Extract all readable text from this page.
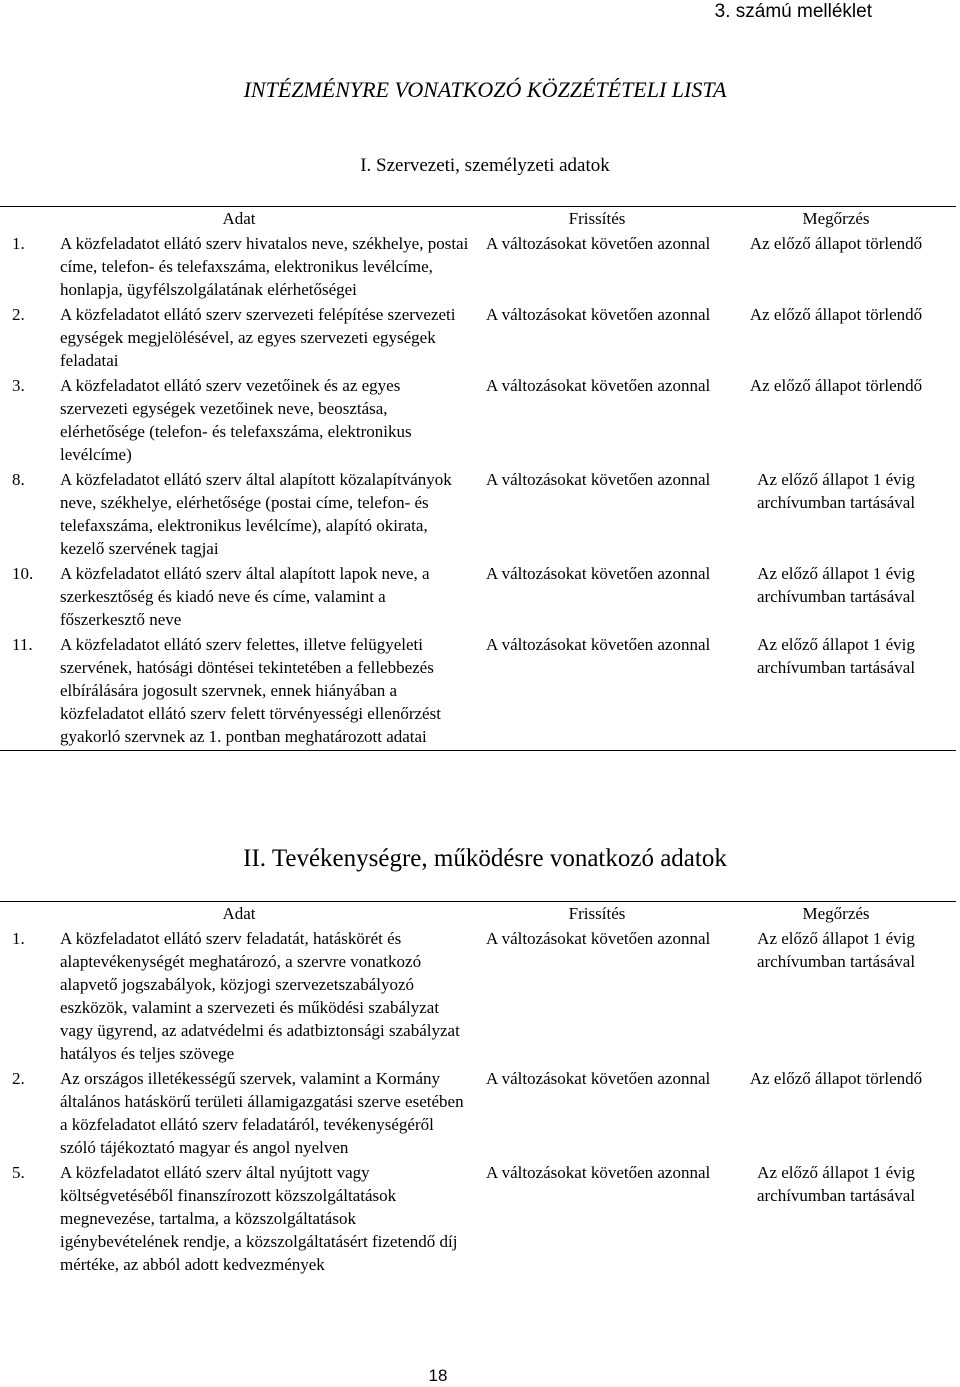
3. számú melléklet
INTÉZMÉNYRE VONATKOZÓ KÖZZÉTÉTELI LISTA
I. Szervezeti, személyzeti adatok
Adat		Frissítés	Megőrzés
1.	A közfeladatot ellátó szerv hivatalos neve, székhelye, postai címe, telefon- és telefaxszáma, elektronikus levélcíme, honlapja, ügyfélszolgálatának elérhetőségei	A változásokat követően azonnal	Az előző állapot törlendő
2.	A közfeladatot ellátó szerv szervezeti felépítése szervezeti egységek megjelölésével, az egyes szervezeti egységek feladatai	A változásokat követően azonnal	Az előző állapot törlendő
3.	A közfeladatot ellátó szerv vezetőinek és az egyes szervezeti egységek vezetőinek neve, beosztása, elérhetősége (telefon- és telefaxszáma, elektronikus levélcíme)	A változásokat követően azonnal	Az előző állapot törlendő
8.	A közfeladatot ellátó szerv által alapított közalapítványok neve, székhelye, elérhetősége (postai címe, telefon- és telefaxszáma, elektronikus levélcíme), alapító okirata, kezelő szervének tagjai	A változásokat követően azonnal	Az előző állapot 1 évig archívumban tartásával
10.	A közfeladatot ellátó szerv által alapított lapok neve, a szerkesztőség és kiadó neve és címe, valamint a főszerkesztő neve	A változásokat követően azonnal	Az előző állapot 1 évig archívumban tartásával
11.	A közfeladatot ellátó szerv felettes, illetve felügyeleti szervének, hatósági döntései tekintetében a fellebbezés elbírálására jogosult szervnek, ennek hiányában a közfeladatot ellátó szerv felett törvényességi ellenőrzést gyakorló szervnek az 1. pontban meghatározott adatai	A változásokat követően azonnal	Az előző állapot 1 évig archívumban tartásával
II. Tevékenységre, működésre vonatkozó adatok
Adat		Frissítés	Megőrzés
1.	A közfeladatot ellátó szerv feladatát, hatáskörét és alaptevékenységét meghatározó, a szervre vonatkozó alapvető jogszabályok, közjogi szervezetszabályozó eszközök, valamint a szervezeti és működési szabályzat vagy ügyrend, az adatvédelmi és adatbiztonsági szabályzat hatályos és teljes szövege	A változásokat követően azonnal	Az előző állapot 1 évig archívumban tartásával
2.	Az országos illetékességű szervek, valamint a Kormány általános hatáskörű területi államigazgatási szerve esetében a közfeladatot ellátó szerv feladatáról, tevékenységéről szóló tájékoztató magyar és angol nyelven	A változásokat követően azonnal	Az előző állapot törlendő
5.	A közfeladatot ellátó szerv által nyújtott vagy költségvetéséből finanszírozott közszolgáltatások megnevezése, tartalma, a közszolgáltatások igénybevételének rendje, a közszolgáltatásért fizetendő díj mértéke, az abból adott kedvezmények	A változásokat követően azonnal	Az előző állapot 1 évig archívumban tartásával
18
